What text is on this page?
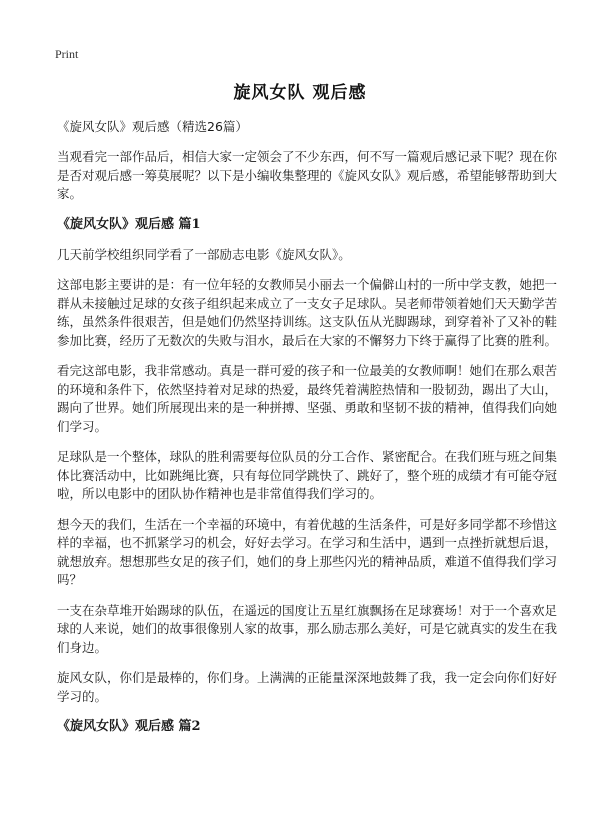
Print
旋风女队 观后感

《旋风女队》观后感（精选26篇）

当观看完一部作品后，相信大家一定领会了不少东西，何不写一篇观后感记录下呢？现在你是否对观后感一筹莫展呢？以下是小编收集整理的《旋风女队》观后感，希望能够帮助到大家。

《旋风女队》观后感 篇1

几天前学校组织同学看了一部励志电影《旋风女队》。

这部电影主要讲的是：有一位年轻的女教师吴小丽去一个偏僻山村的一所中学支教，她把一群从未接触过足球的女孩子组织起来成立了一支女子足球队。吴老师带领着她们天天勤学苦练，虽然条件很艰苦，但是她们仍然坚持训练。这支队伍从光脚踢球，到穿着补了又补的鞋参加比赛，经历了无数次的失败与泪水，最后在大家的不懈努力下终于赢得了比赛的胜利。

看完这部电影，我非常感动。真是一群可爱的孩子和一位最美的女教师啊！她们在那么艰苦的环境和条件下，依然坚持着对足球的热爱，最终凭着满腔热情和一股韧劲，踢出了大山，踢向了世界。她们所展现出来的是一种拼搏、坚强、勇敢和坚韧不拔的精神，值得我们向她们学习。

足球队是一个整体，球队的胜利需要每位队员的分工合作、紧密配合。在我们班与班之间集体比赛活动中，比如跳绳比赛，只有每位同学跳快了、跳好了，整个班的成绩才有可能夺冠啦，所以电影中的团队协作精神也是非常值得我们学习的。

想今天的我们，生活在一个幸福的环境中，有着优越的生活条件，可是好多同学都不珍惜这样的幸福，也不抓紧学习的机会，好好去学习。在学习和生活中，遇到一点挫折就想后退，就想放弃。想想那些女足的孩子们，她们的身上那些闪光的精神品质，难道不值得我们学习吗？

一支在杂草堆开始踢球的队伍，在遥远的国度让五星红旗飘扬在足球赛场！对于一个喜欢足球的人来说，她们的故事很像别人家的故事，那么励志那么美好，可是它就真实的发生在我们身边。

旋风女队，你们是最棒的，你们身。上满满的正能量深深地鼓舞了我，我一定会向你们好好学习的。

《旋风女队》观后感 篇2
